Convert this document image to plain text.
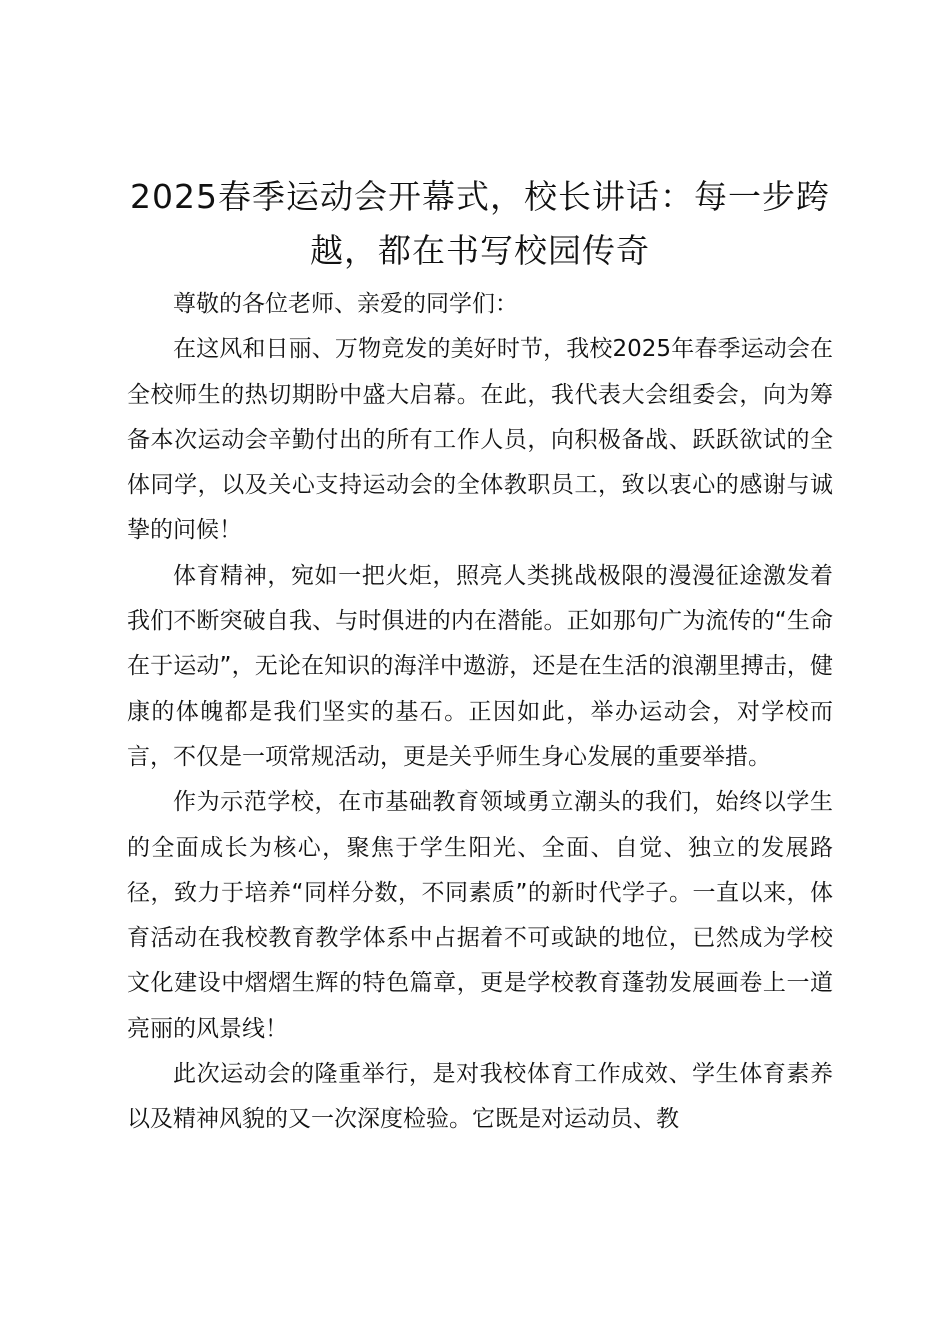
2025春季运动会开幕式，校长讲话：每一步跨越，都在书写校园传奇

尊敬的各位老师、亲爱的同学们：

在这风和日丽、万物竞发的美好时节，我校2025年春季运动会在全校师生的热切期盼中盛大启幕。在此，我代表大会组委会，向为筹备本次运动会辛勤付出的所有工作人员，向积极备战、跃跃欲试的全体同学，以及关心支持运动会的全体教职员工，致以衷心的感谢与诚挚的问候！

体育精神，宛如一把火炬，照亮人类挑战极限的漫漫征途激发着我们不断突破自我、与时俱进的内在潜能。正如那句广为流传的“生命在于运动”，无论在知识的海洋中遨游，还是在生活的浪潮里搏击，健康的体魄都是我们坚实的基石。正因如此，举办运动会，对学校而言，不仅是一项常规活动，更是关乎师生身心发展的重要举措。

作为示范学校，在市基础教育领域勇立潮头的我们，始终以学生的全面成长为核心，聚焦于学生阳光、全面、自觉、独立的发展路径，致力于培养“同样分数，不同素质”的新时代学子。一直以来，体育活动在我校教育教学体系中占据着不可或缺的地位，已然成为学校文化建设中熠熠生辉的特色篇章，更是学校教育蓬勃发展画卷上一道亮丽的风景线！

此次运动会的隆重举行，是对我校体育工作成效、学生体育素养以及精神风貌的又一次深度检验。它既是对运动员、教
